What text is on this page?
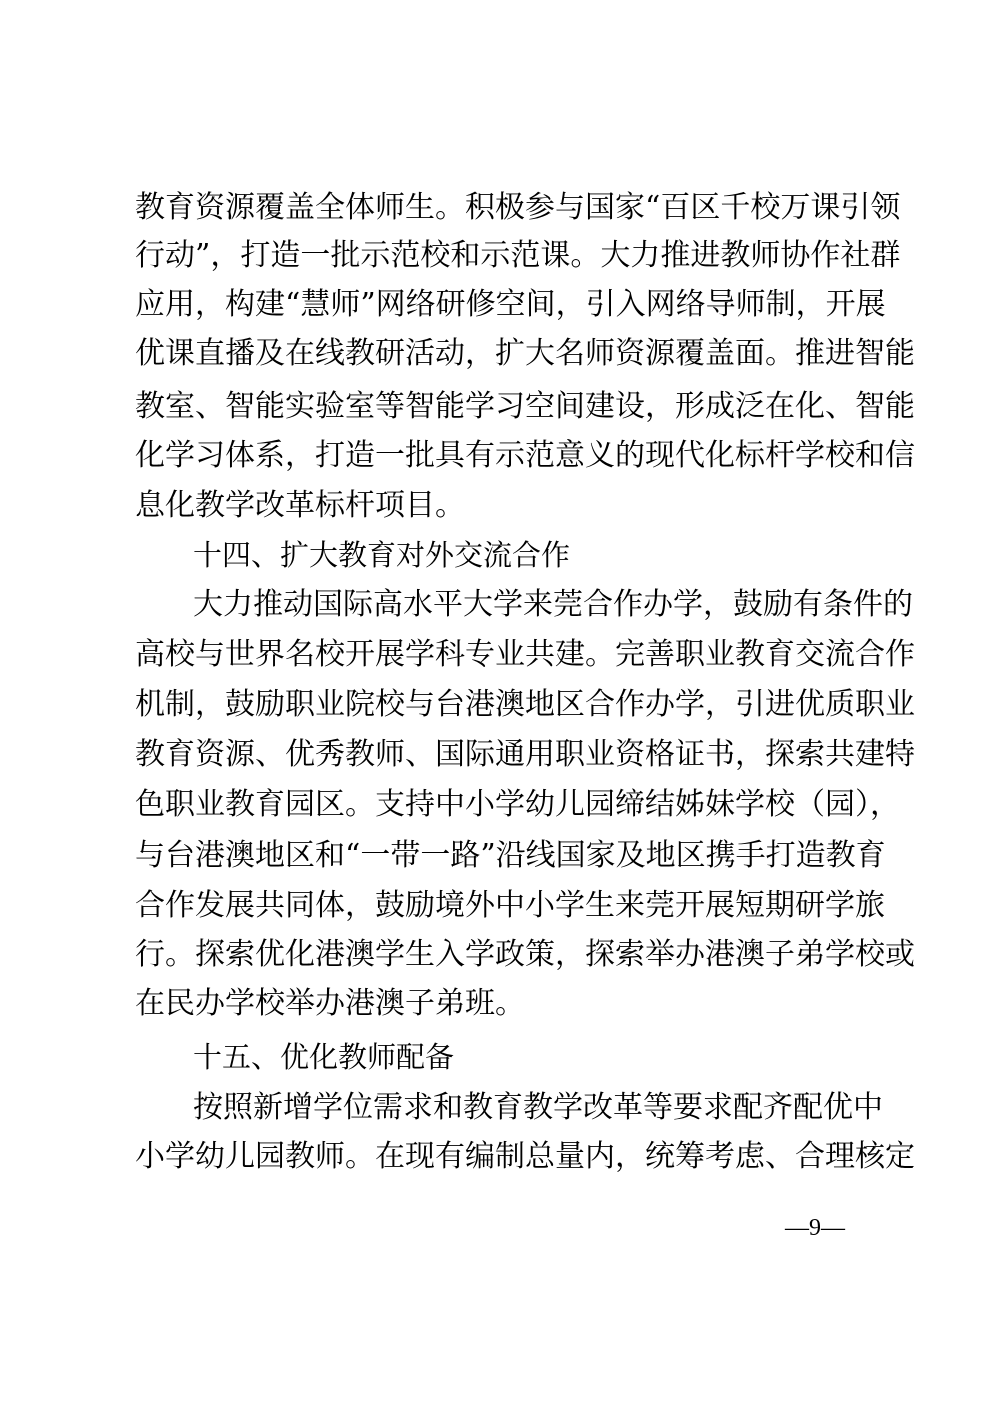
教育资源覆盖全体师生。积极参与国家“百区千校万课引领
行动”，打造一批示范校和示范课。大力推进教师协作社群
应用，构建“慧师”网络研修空间，引入网络导师制，开展
优课直播及在线教研活动，扩大名师资源覆盖面。推进智能
教室、智能实验室等智能学习空间建设，形成泛在化、智能
化学习体系，打造一批具有示范意义的现代化标杆学校和信
息化教学改革标杆项目。
十四、扩大教育对外交流合作
大力推动国际高水平大学来莞合作办学，鼓励有条件的
高校与世界名校开展学科专业共建。完善职业教育交流合作
机制，鼓励职业院校与台港澳地区合作办学，引进优质职业
教育资源、优秀教师、国际通用职业资格证书，探索共建特
色职业教育园区。支持中小学幼儿园缔结姊妹学校（园），
与台港澳地区和“一带一路”沿线国家及地区携手打造教育
合作发展共同体，鼓励境外中小学生来莞开展短期研学旅
行。探索优化港澳学生入学政策，探索举办港澳子弟学校或
在民办学校举办港澳子弟班。
十五、优化教师配备
按照新增学位需求和教育教学改革等要求配齐配优中
小学幼儿园教师。在现有编制总量内，统筹考虑、合理核定
—9—
